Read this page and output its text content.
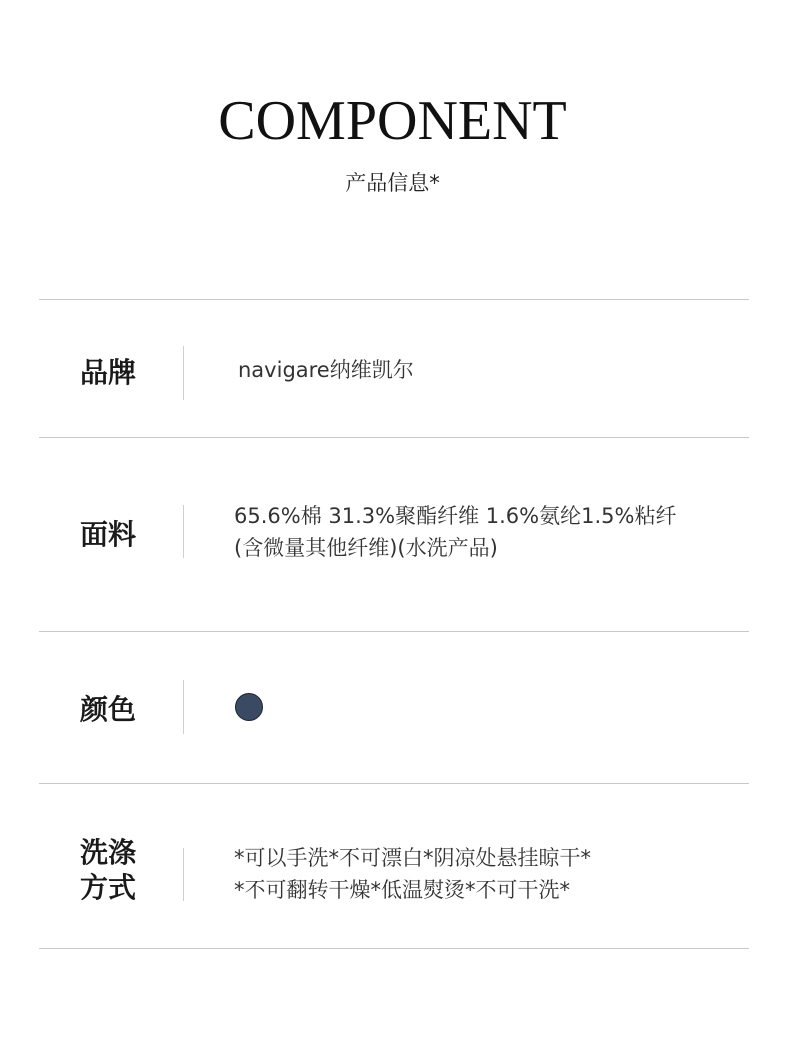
COMPONENT
产品信息*
品牌	navigare纳维凯尔
面料
65.6%棉 31.3%聚酯纤维 1.6%氨纶1.5%粘纤
(含微量其他纤维)(水洗产品)
颜色
洗涤
方式
*可以手洗*不可漂白*阴凉处悬挂晾干*
*不可翻转干燥*低温熨烫*不可干洗*
